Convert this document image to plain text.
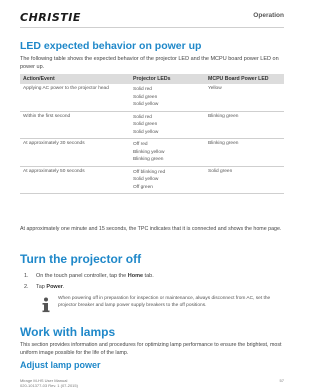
CHRISTIE	Operation
LED expected behavior on power up

The following table shows the expected behavior of the projector LED and the MCPU board power LED on power up.

Action/Event	Projector LEDs	MCPU Board Power LED
Applying AC power to the projector head	Solid red
Solid green
Solid yellow	Yellow
Within the first second	Solid red
Solid green
Solid yellow	Blinking green
At approximately 30 seconds	Off red
Blinking yellow
Blinking green	Blinking green
At approximately 50 seconds	Off blinking red
Solid yellow
Off green	Solid green

At approximately one minute and 15 seconds, the TPC indicates that it is connected and shows the home page.

Turn the projector off
1. On the touch panel controller, tap the Home tab.
2. Tap Power.
When powering off in preparation for inspection or maintenance, always disconnect from AC, set the projector breaker and lamp power supply breakers to the off positions.
Work with lamps

This section provides information and procedures for optimizing lamp performance to ensure the brightest, most uniform image possible for the life of the lamp.

Adjust lamp power
Mirage M-HS User Manual
020-101377-03 Rev. 1 (07-2015)
57
